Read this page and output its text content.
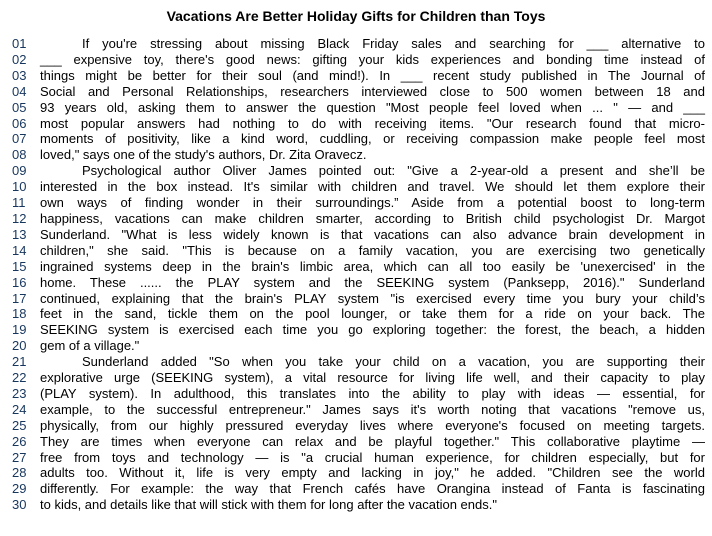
Vacations Are Better Holiday Gifts for Children than Toys
01	If you're stressing about missing Black Friday sales and searching for ___ alternative to
02	___ expensive toy, there's good news: gifting your kids experiences and bonding time instead of
03	things might be better for their soul (and mind!). In ___ recent study published in The Journal of
04	Social and Personal Relationships, researchers interviewed close to 500 women between 18 and
05	93 years old, asking them to answer the question "Most people feel loved when ... " — and ___
06	most popular answers had nothing to do with receiving items. "Our research found that micro-
07	moments of positivity, like a kind word, cuddling, or receiving compassion make people feel most
08	loved," says one of the study's authors, Dr. Zita Oravecz.
09	Psychological author Oliver James pointed out: "Give a 2-year-old a present and she’ll be
10	interested in the box instead. It's similar with children and travel. We should let them explore their
11	own ways of finding wonder in their surroundings.” Aside from a potential boost to long-term
12	happiness, vacations can make children smarter, according to British child psychologist Dr. Margot
13	Sunderland. "What is less widely known is that vacations can also advance brain development in
14	children," she said. "This is because on a family vacation, you are exercising two genetically
15	ingrained systems deep in the brain's limbic area, which can all too easily be 'unexercised' in the
16	home. These ...... the PLAY system and the SEEKING system (Panksepp, 2016)." Sunderland
17	continued, explaining that the brain's PLAY system "is exercised every time you bury your child’s
18	feet in the sand, tickle them on the pool lounger, or take them for a ride on your back. The
19	SEEKING system is exercised each time you go exploring together: the forest, the beach, a hidden
20	gem of a village."
21	Sunderland added "So when you take your child on a vacation, you are supporting their
22	explorative urge (SEEKING system), a vital resource for living life well, and their capacity to play
23	(PLAY system). In adulthood, this translates into the ability to play with ideas — essential, for
24	example, to the successful entrepreneur." James says it's worth noting that vacations "remove us,
25	physically, from our highly pressured everyday lives where everyone's focused on meeting targets.
26	They are times when everyone can relax and be playful together." This collaborative playtime —
27	free from toys and technology — is "a crucial human experience, for children especially, but for
28	adults too. Without it, life is very empty and lacking in joy," he added. "Children see the world
29	differently. For example: the way that French cafés have Orangina instead of Fanta is fascinating
30	to kids, and details like that will stick with them for long after the vacation ends."
